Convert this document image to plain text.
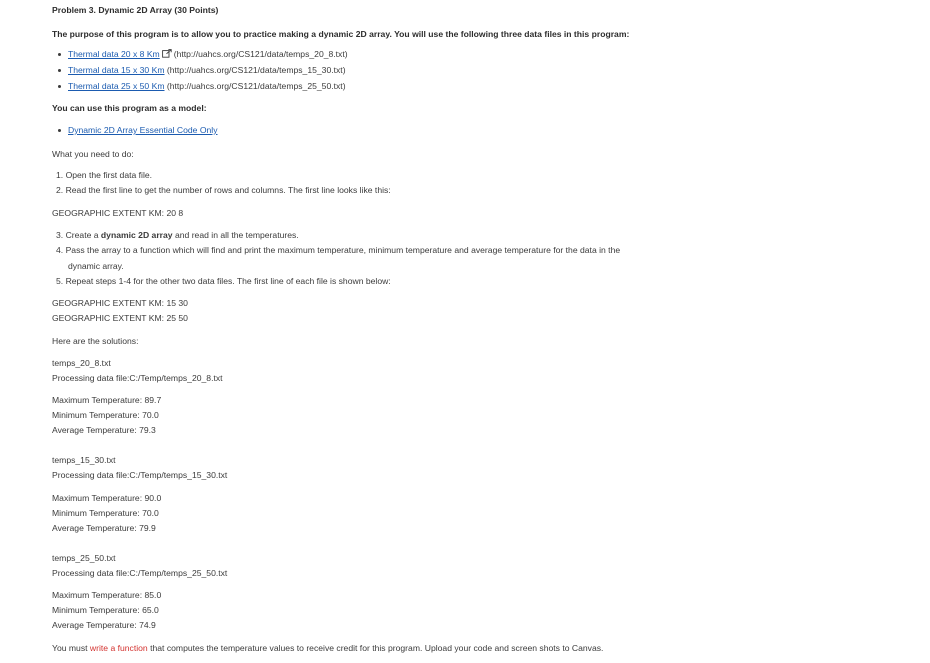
Problem 3. Dynamic 2D Array (30 Points)
The purpose of this program is to allow you to practice making a dynamic 2D array. You will use the following three data files in this program:
Thermal data 20 x 8 Km (http://uahcs.org/CS121/data/temps_20_8.txt)
Thermal data 15 x 30 Km (http://uahcs.org/CS121/data/temps_15_30.txt)
Thermal data 25 x 50 Km (http://uahcs.org/CS121/data/temps_25_50.txt)
You can use this program as a model:
Dynamic 2D Array Essential Code Only
What you need to do:
1. Open the first data file.
2. Read the first line to get the number of rows and columns. The first line looks like this:
GEOGRAPHIC EXTENT KM: 20 8
3. Create a dynamic 2D array and read in all the temperatures.
4. Pass the array to a function which will find and print the maximum temperature, minimum temperature and average temperature for the data in the
dynamic array.
5. Repeat steps 1-4 for the other two data files. The first line of each file is shown below:
GEOGRAPHIC EXTENT KM: 15 30
GEOGRAPHIC EXTENT KM: 25 50
Here are the solutions:
temps_20_8.txt
Processing data file:C:/Temp/temps_20_8.txt
Maximum Temperature: 89.7
Minimum Temperature: 70.0
Average Temperature: 79.3
temps_15_30.txt
Processing data file:C:/Temp/temps_15_30.txt
Maximum Temperature: 90.0
Minimum Temperature: 70.0
Average Temperature: 79.9
temps_25_50.txt
Processing data file:C:/Temp/temps_25_50.txt
Maximum Temperature: 85.0
Minimum Temperature: 65.0
Average Temperature: 74.9
You must write a function that computes the temperature values to receive credit for this program. Upload your code and screen shots to Canvas.
